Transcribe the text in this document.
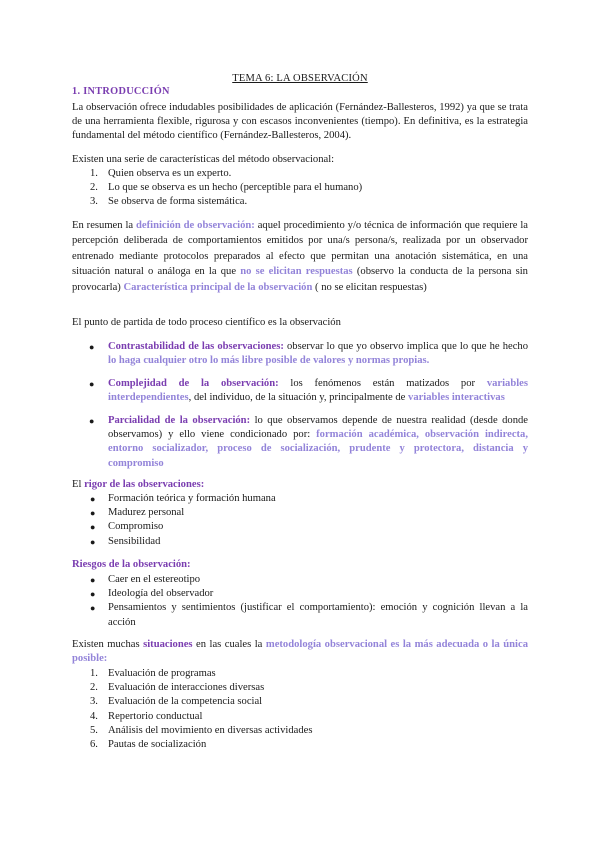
TEMA 6: LA OBSERVACIÓN
1. INTRODUCCIÓN
La observación ofrece indudables posibilidades de aplicación (Fernández-Ballesteros, 1992) ya que se trata de una herramienta flexible, rigurosa y con escasos inconvenientes (tiempo). En definitiva, es la estrategia fundamental del método científico (Fernández-Ballesteros, 2004).
Existen una serie de características del método observacional:
1. Quien observa es un experto.
2. Lo que se observa es un hecho (perceptible para el humano)
3. Se observa de forma sistemática.
En resumen la definición de observación: aquel procedimiento y/o técnica de información que requiere la percepción deliberada de comportamientos emitidos por una/s persona/s, realizada por un observador entrenado mediante protocolos preparados al efecto que permitan una anotación sistemática, en una situación natural o análoga en la que no se elicitan respuestas (observo la conducta de la persona sin provocarla) Característica principal de la observación ( no se elicitan respuestas)
El punto de partida de todo proceso científico es la observación
● Contrastabilidad de las observaciones: observar lo que yo observo implica que lo que he hecho lo haga cualquier otro lo más libre posible de valores y normas propias.
● Complejidad de la observación: los fenómenos están matizados por variables interdependientes, del individuo, de la situación y, principalmente de variables interactivas
● Parcialidad de la observación: lo que observamos depende de nuestra realidad (desde donde observamos) y ello viene condicionado por: formación académica, observación indirecta, entorno socializador, proceso de socialización, prudente y protectora, distancia y compromiso
El rigor de las observaciones:
● Formación teórica y formación humana
● Madurez personal
● Compromiso
● Sensibilidad
Riesgos de la observación:
● Caer en el estereotipo
● Ideología del observador
● Pensamientos y sentimientos (justificar el comportamiento): emoción y cognición llevan a la acción
Existen muchas situaciones en las cuales la metodología observacional es la más adecuada o la única posible:
1. Evaluación de programas
2. Evaluación de interacciones diversas
3. Evaluación de la competencia social
4. Repertorio conductual
5. Análisis del movimiento en diversas actividades
6. Pautas de socialización
